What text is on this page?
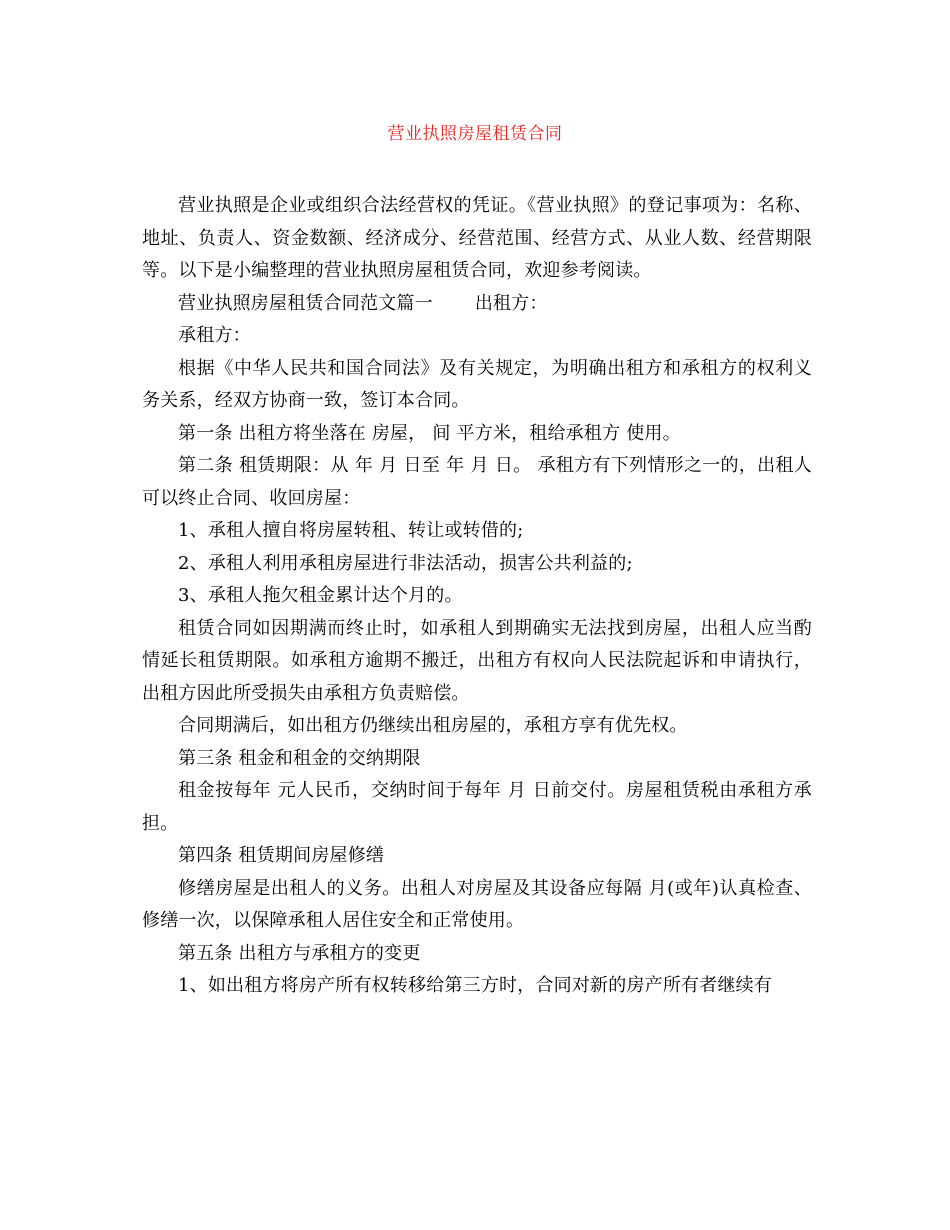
营业执照房屋租赁合同

营业执照是企业或组织合法经营权的凭证。《营业执照》的登记事项为：名称、地址、负责人、资金数额、经济成分、经营范围、经营方式、从业人数、经营期限等。以下是小编整理的营业执照房屋租赁合同，欢迎参考阅读。

营业执照房屋租赁合同范文篇一 出租方：

承租方：

根据《中华人民共和国合同法》及有关规定，为明确出租方和承租方的权利义务关系，经双方协商一致，签订本合同。

第一条 出租方将坐落在 房屋， 间 平方米，租给承租方 使用。

第二条 租赁期限：从 年 月 日至 年 月 日。 承租方有下列情形之一的，出租人可以终止合同、收回房屋：

1、承租人擅自将房屋转租、转让或转借的;

2、承租人利用承租房屋进行非法活动，损害公共利益的;

3、承租人拖欠租金累计达个月的。

租赁合同如因期满而终止时，如承租人到期确实无法找到房屋，出租人应当酌情延长租赁期限。如承租方逾期不搬迁，出租方有权向人民法院起诉和申请执行，出租方因此所受损失由承租方负责赔偿。

合同期满后，如出租方仍继续出租房屋的，承租方享有优先权。

第三条 租金和租金的交纳期限

租金按每年 元人民币，交纳时间于每年 月 日前交付。房屋租赁税由承租方承担。

第四条 租赁期间房屋修缮

修缮房屋是出租人的义务。出租人对房屋及其设备应每隔 月(或年)认真检查、修缮一次，以保障承租人居住安全和正常使用。

第五条 出租方与承租方的变更

1、如出租方将房产所有权转移给第三方时，合同对新的房产所有者继续有
